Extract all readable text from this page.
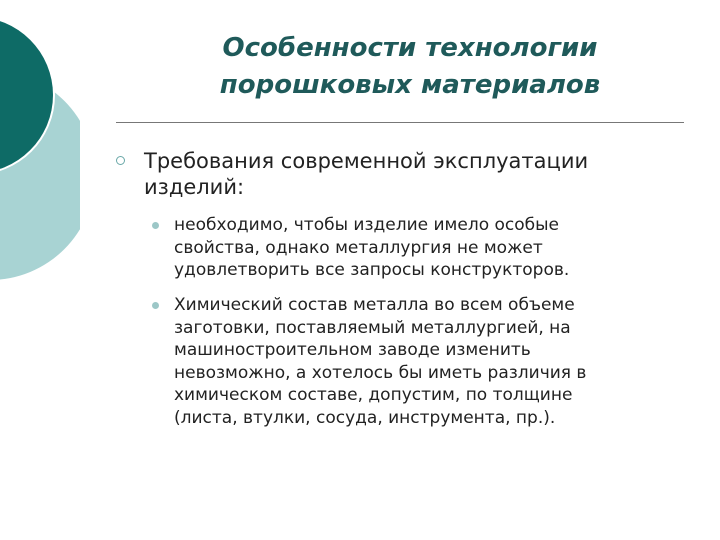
Особенности технологии
порошковых материалов
Требования современной эксплуатации
изделий:
необходимо, чтобы изделие имело особые
свойства, однако металлургия не может
удовлетворить все запросы конструкторов.
Химический состав металла во всем объеме
заготовки, поставляемый металлургией, на
машиностроительном заводе изменить
невозможно, а хотелось бы иметь различия в
химическом составе, допустим, по толщине
(листа, втулки, сосуда, инструмента, пр.).
